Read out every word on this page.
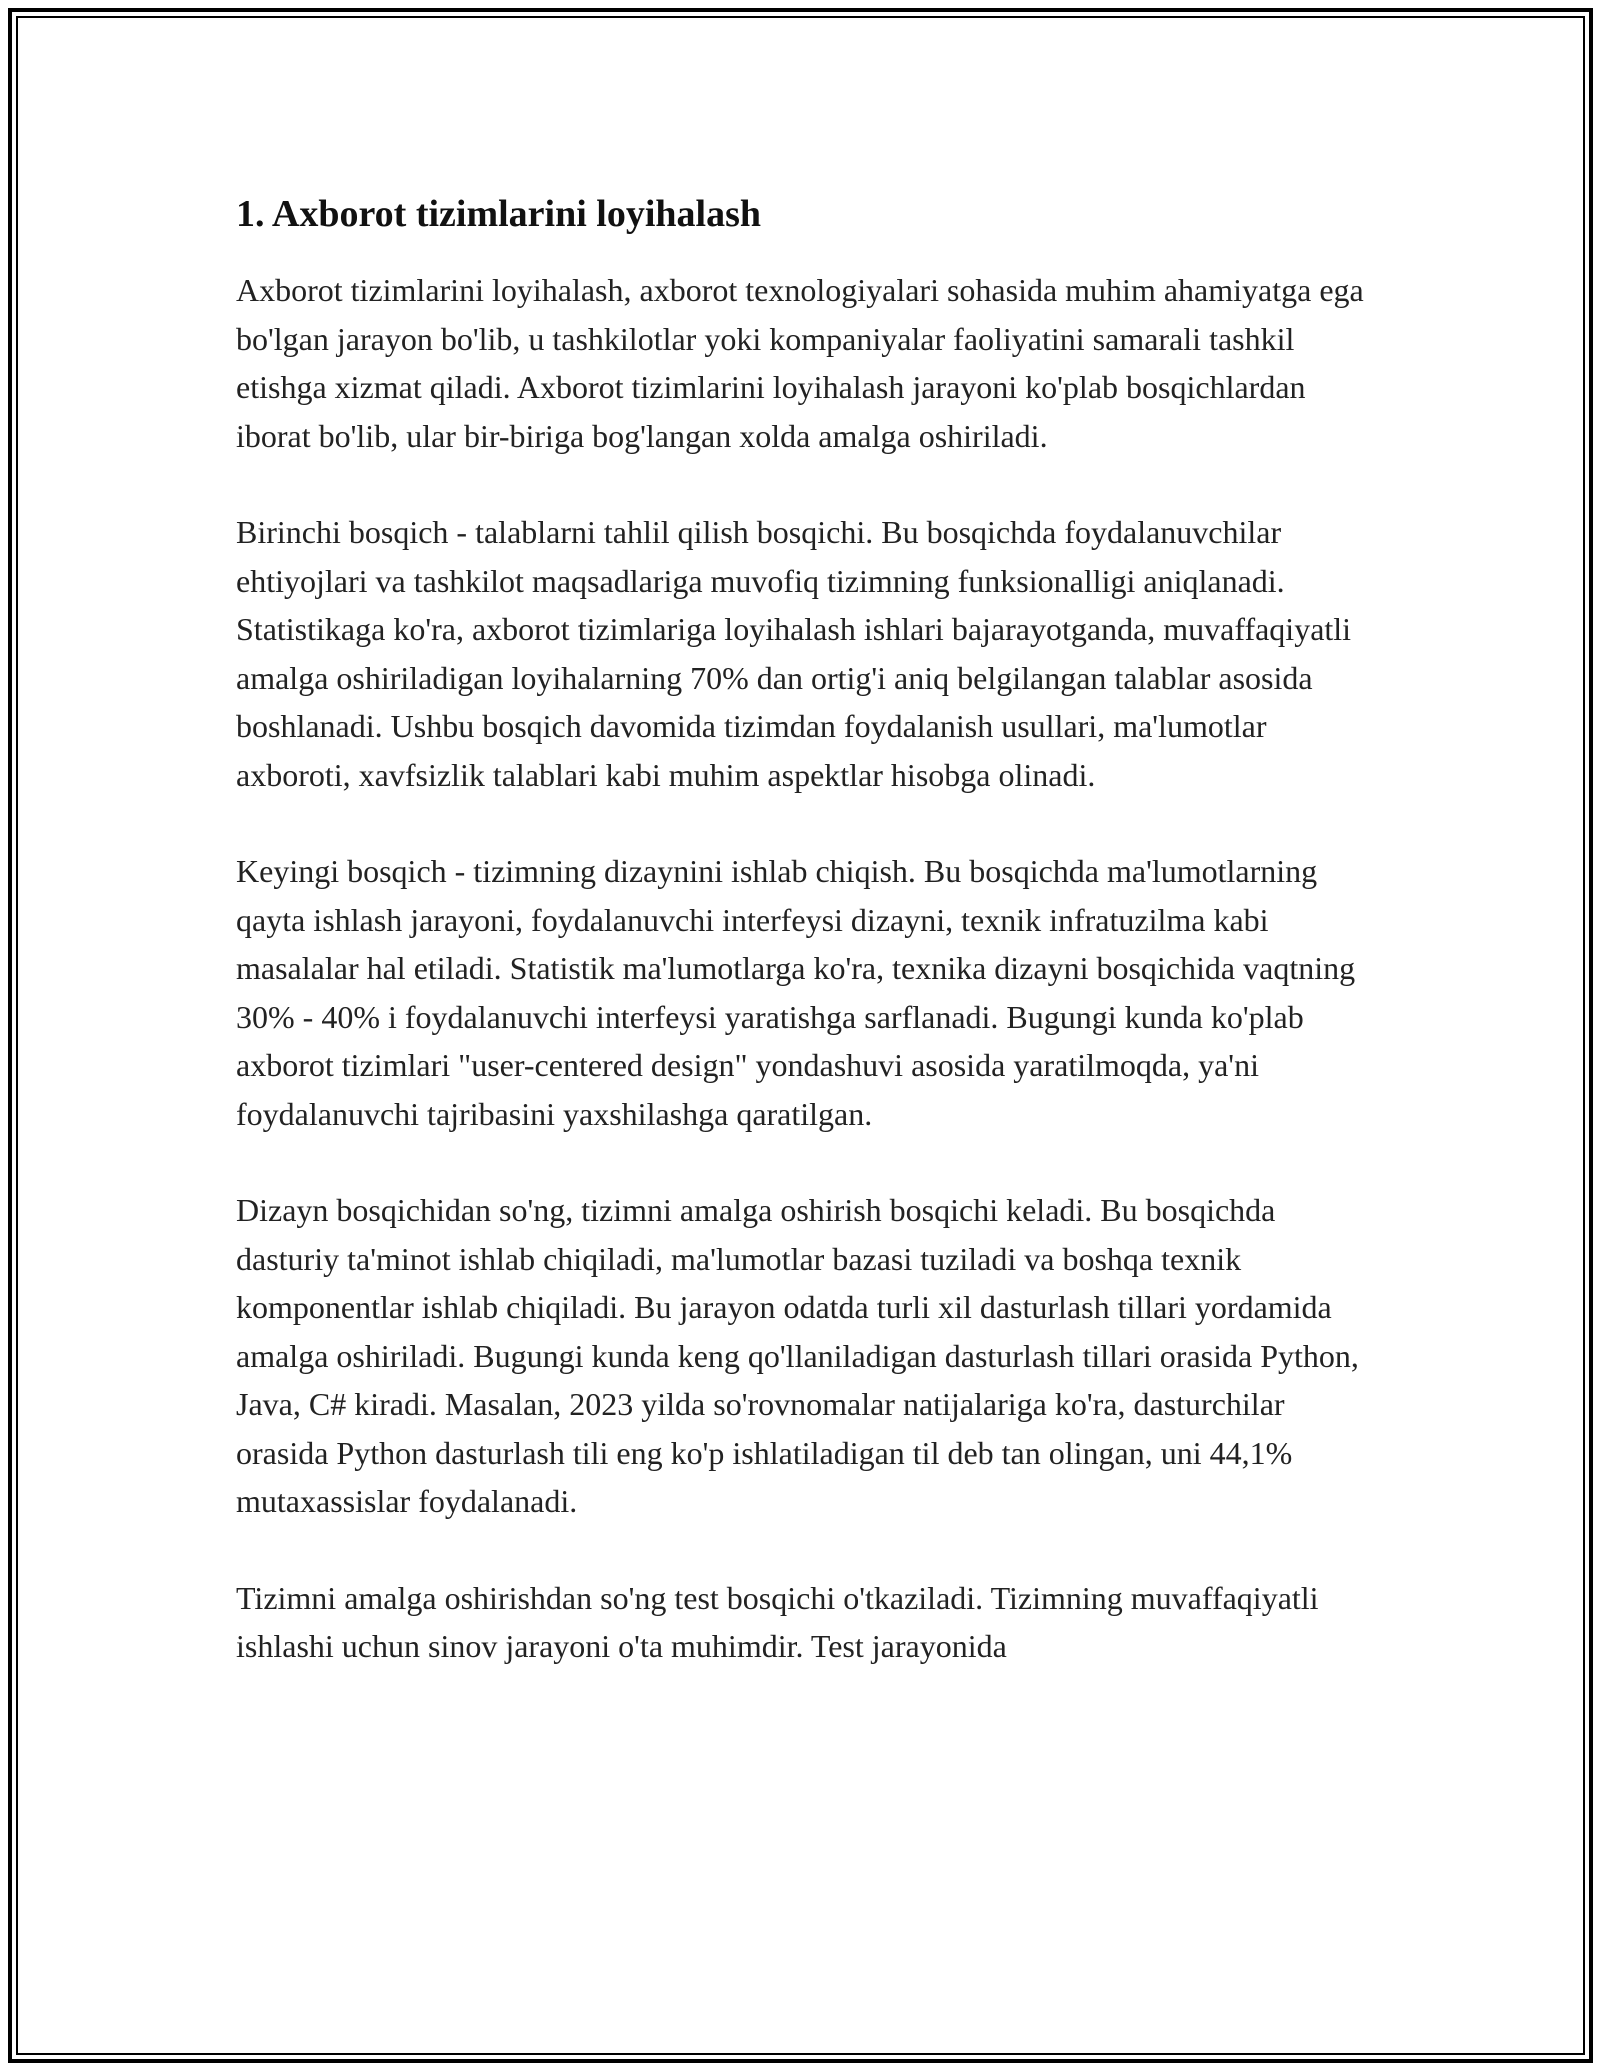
1. Axborot tizimlarini loyihalash

Axborot tizimlarini loyihalash, axborot texnologiyalari sohasida muhim ahamiyatga ega bo'lgan jarayon bo'lib, u tashkilotlar yoki kompaniyalar faoliyatini samarali tashkil etishga xizmat qiladi. Axborot tizimlarini loyihalash jarayoni ko'plab bosqichlardan iborat bo'lib, ular bir-biriga bog'langan xolda amalga oshiriladi.

Birinchi bosqich - talablarni tahlil qilish bosqichi. Bu bosqichda foydalanuvchilar ehtiyojlari va tashkilot maqsadlariga muvofiq tizimning funksionalligi aniqlanadi. Statistikaga ko'ra, axborot tizimlariga loyihalash ishlari bajarayotganda, muvaffaqiyatli amalga oshiriladigan loyihalarning 70% dan ortig'i aniq belgilangan talablar asosida boshlanadi. Ushbu bosqich davomida tizimdan foydalanish usullari, ma'lumotlar axboroti, xavfsizlik talablari kabi muhim aspektlar hisobga olinadi.

Keyingi bosqich - tizimning dizaynini ishlab chiqish. Bu bosqichda ma'lumotlarning qayta ishlash jarayoni, foydalanuvchi interfeysi dizayni, texnik infratuzilma kabi masalalar hal etiladi. Statistik ma'lumotlarga ko'ra, texnika dizayni bosqichida vaqtning 30% - 40% i foydalanuvchi interfeysi yaratishga sarflanadi. Bugungi kunda ko'plab axborot tizimlari "user-centered design" yondashuvi asosida yaratilmoqda, ya'ni foydalanuvchi tajribasini yaxshilashga qaratilgan.

Dizayn bosqichidan so'ng, tizimni amalga oshirish bosqichi keladi. Bu bosqichda dasturiy ta'minot ishlab chiqiladi, ma'lumotlar bazasi tuziladi va boshqa texnik komponentlar ishlab chiqiladi. Bu jarayon odatda turli xil dasturlash tillari yordamida amalga oshiriladi. Bugungi kunda keng qo'llaniladigan dasturlash tillari orasida Python, Java, C# kiradi. Masalan, 2023 yilda so'rovnomalar natijalariga ko'ra, dasturchilar orasida Python dasturlash tili eng ko'p ishlatiladigan til deb tan olingan, uni 44,1% mutaxassislar foydalanadi.

Tizimni amalga oshirishdan so'ng test bosqichi o'tkaziladi. Tizimning muvaffaqiyatli ishlashi uchun sinov jarayoni o'ta muhimdir. Test jarayonida
